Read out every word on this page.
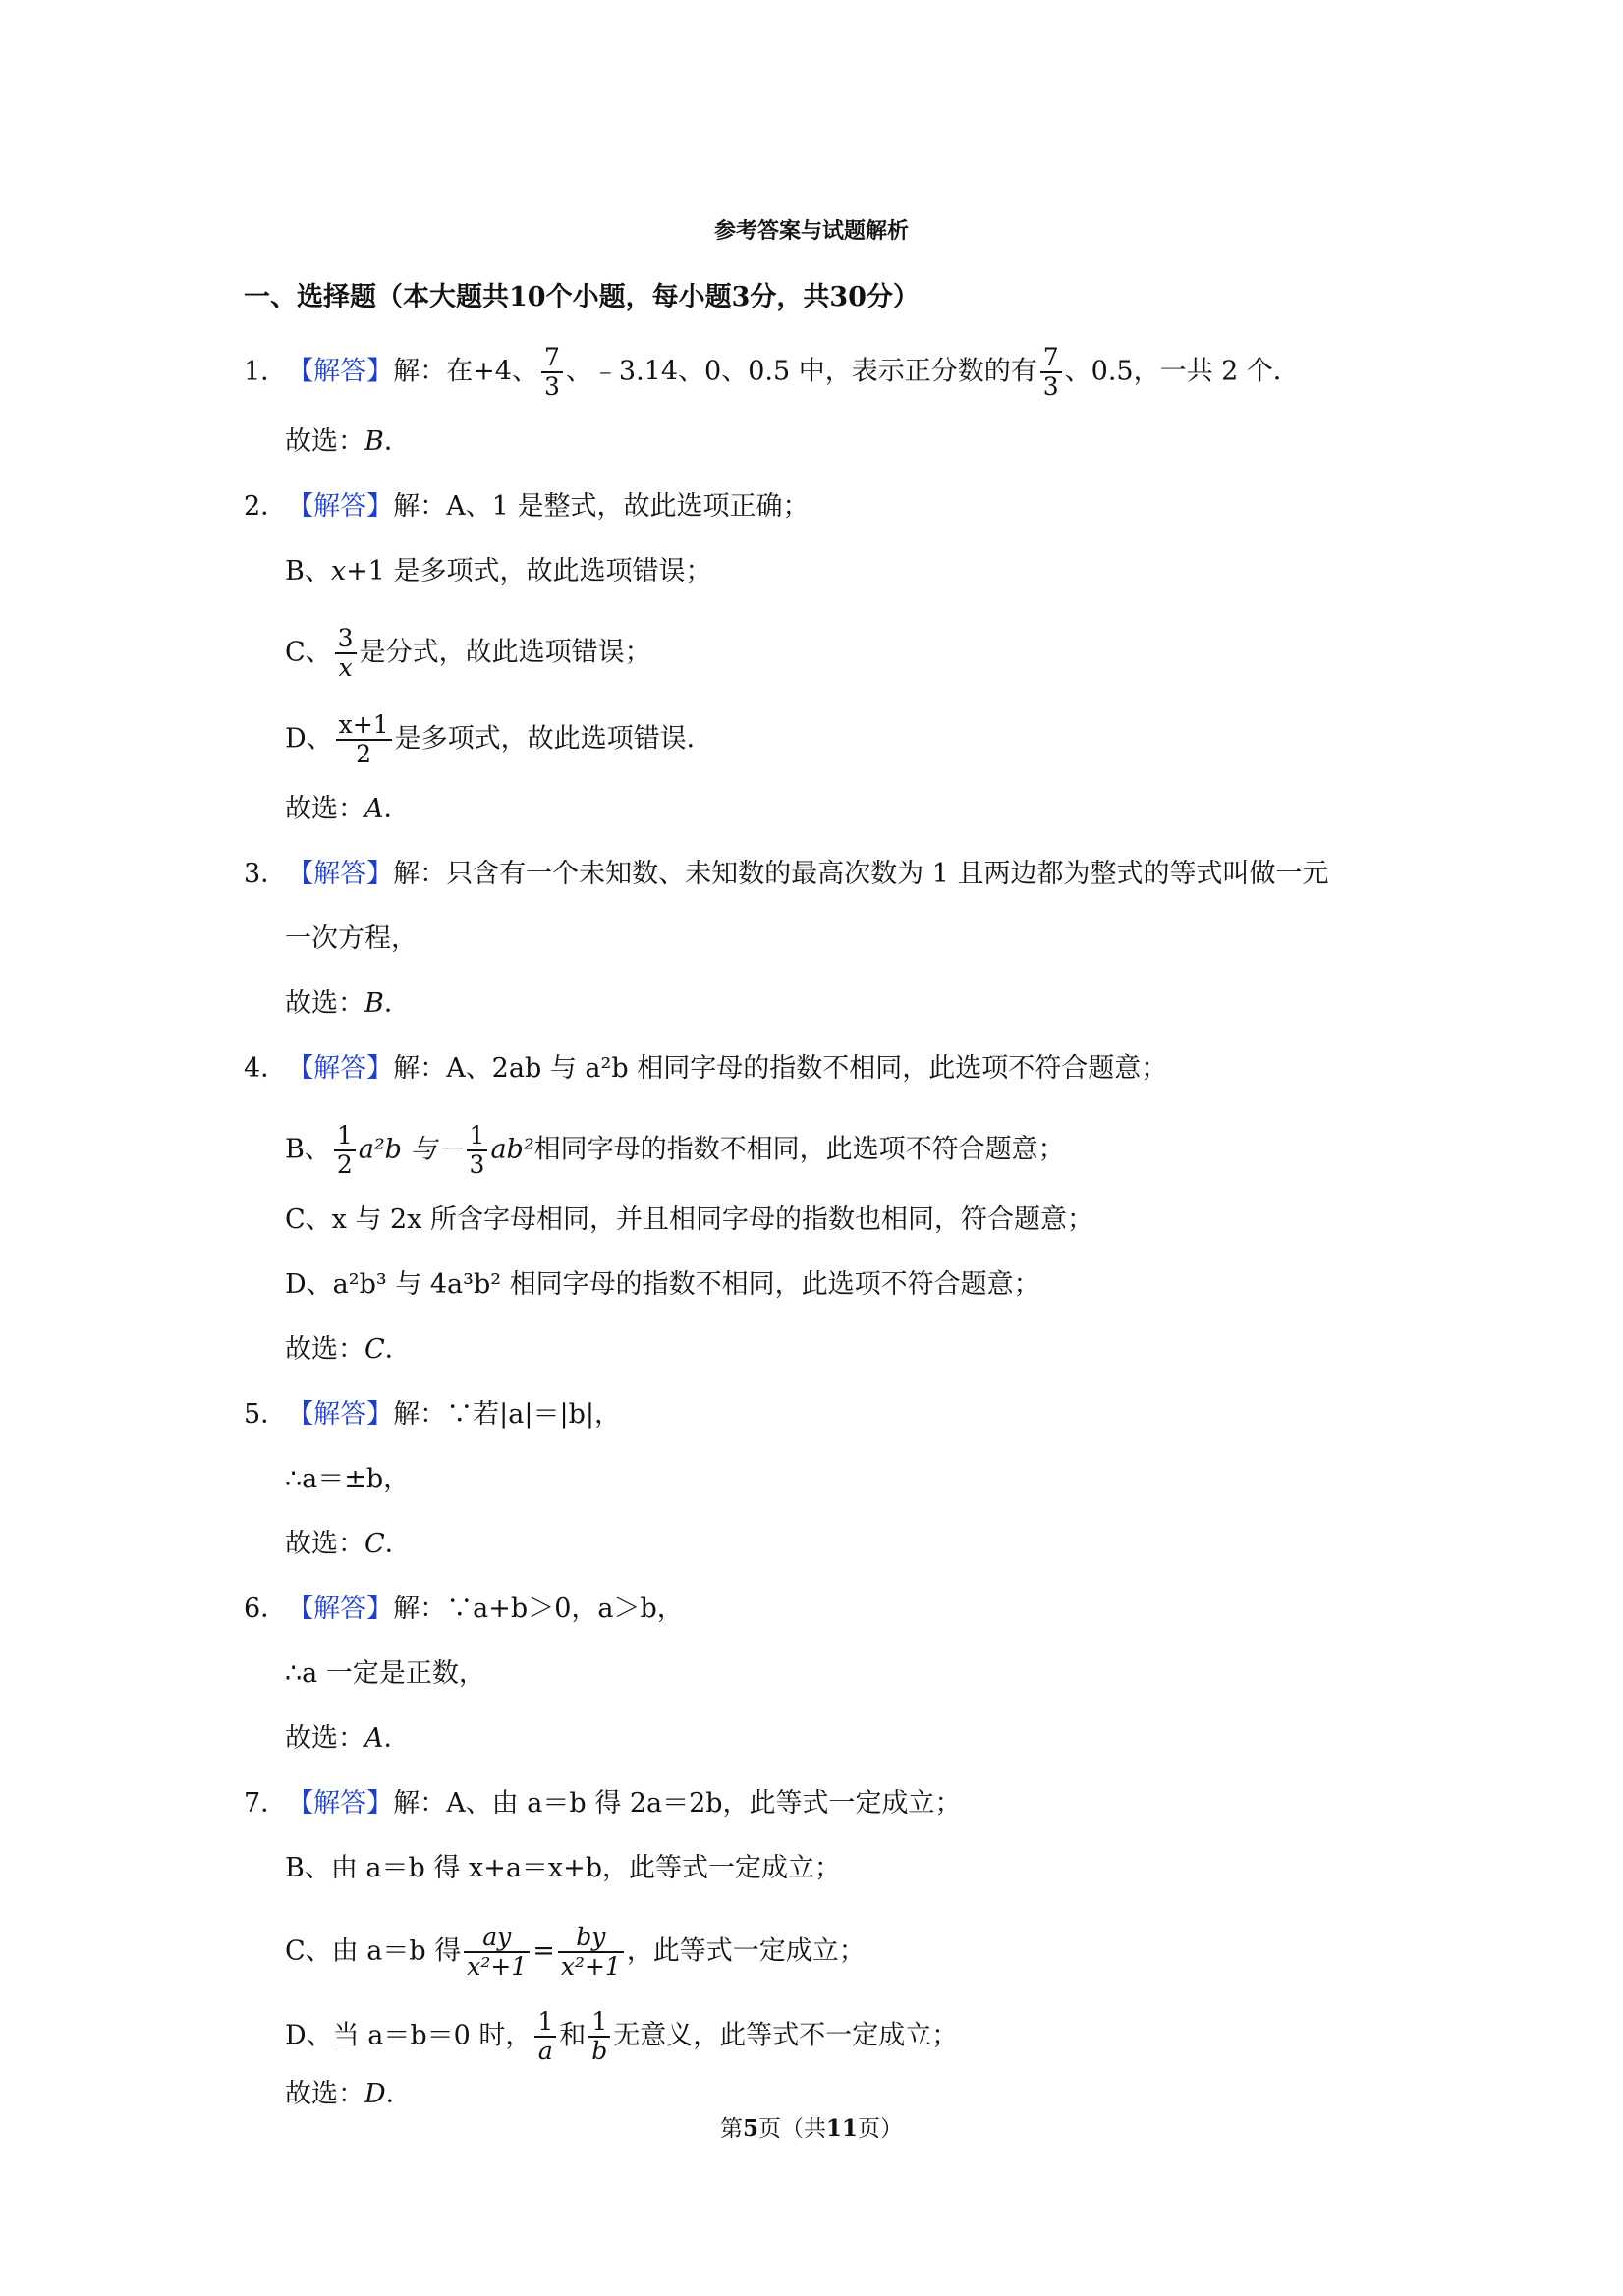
参考答案与试题解析
一、选择题（本大题共10个小题，每小题3分，共30分）
1．【解答】解：在+4、 $\frac{7}{3}$ 、﹣3.14、0、0.5 中，表示正分数的有 $\frac{7}{3}$ 、0.5，一共 2 个．
故选：B．
2．【解答】解：A、1 是整式，故此选项正确；
B、x+1 是多项式，故此选项错误；
C、 $\frac{3}{x}$ 是分式，故此选项错误；
D、 $\frac{x+1}{2}$ 是多项式，故此选项错误．
故选：A．
3．【解答】解：只含有一个未知数、未知数的最高次数为 1 且两边都为整式的等式叫做一元
一次方程，
故选：B．
4．【解答】解：A、2ab 与 a²b 相同字母的指数不相同，此选项不符合题意；
B、 $\frac{1}{2} a^2b$ 与－ $\frac{1}{3} ab^2$相同字母的指数不相同，此选项不符合题意；
C、x 与 2x 所含字母相同，并且相同字母的指数也相同，符合题意；
D、a²b³ 与 4a³b² 相同字母的指数不相同，此选项不符合题意；
故选：C．
5．【解答】解：∵若|a|＝|b|，
∴a＝±b，
故选：C．
6．【解答】解：∵a+b＞0，a＞b，
∴a 一定是正数，
故选：A．
7．【解答】解：A、由 a＝b 得 2a＝2b，此等式一定成立；
B、由 a＝b 得 x+a＝x+b，此等式一定成立；
C、由 a＝b 得 $\frac{ay}{\text{x²+1}} = \frac{by}{\text{x²+1}}$ ，此等式一定成立；
D、当 a＝b＝0 时， $\frac{1}{a}$ 和 $\frac{1}{b}$ 无意义，此等式不一定成立；
故选：D．
第5页（共11页）
